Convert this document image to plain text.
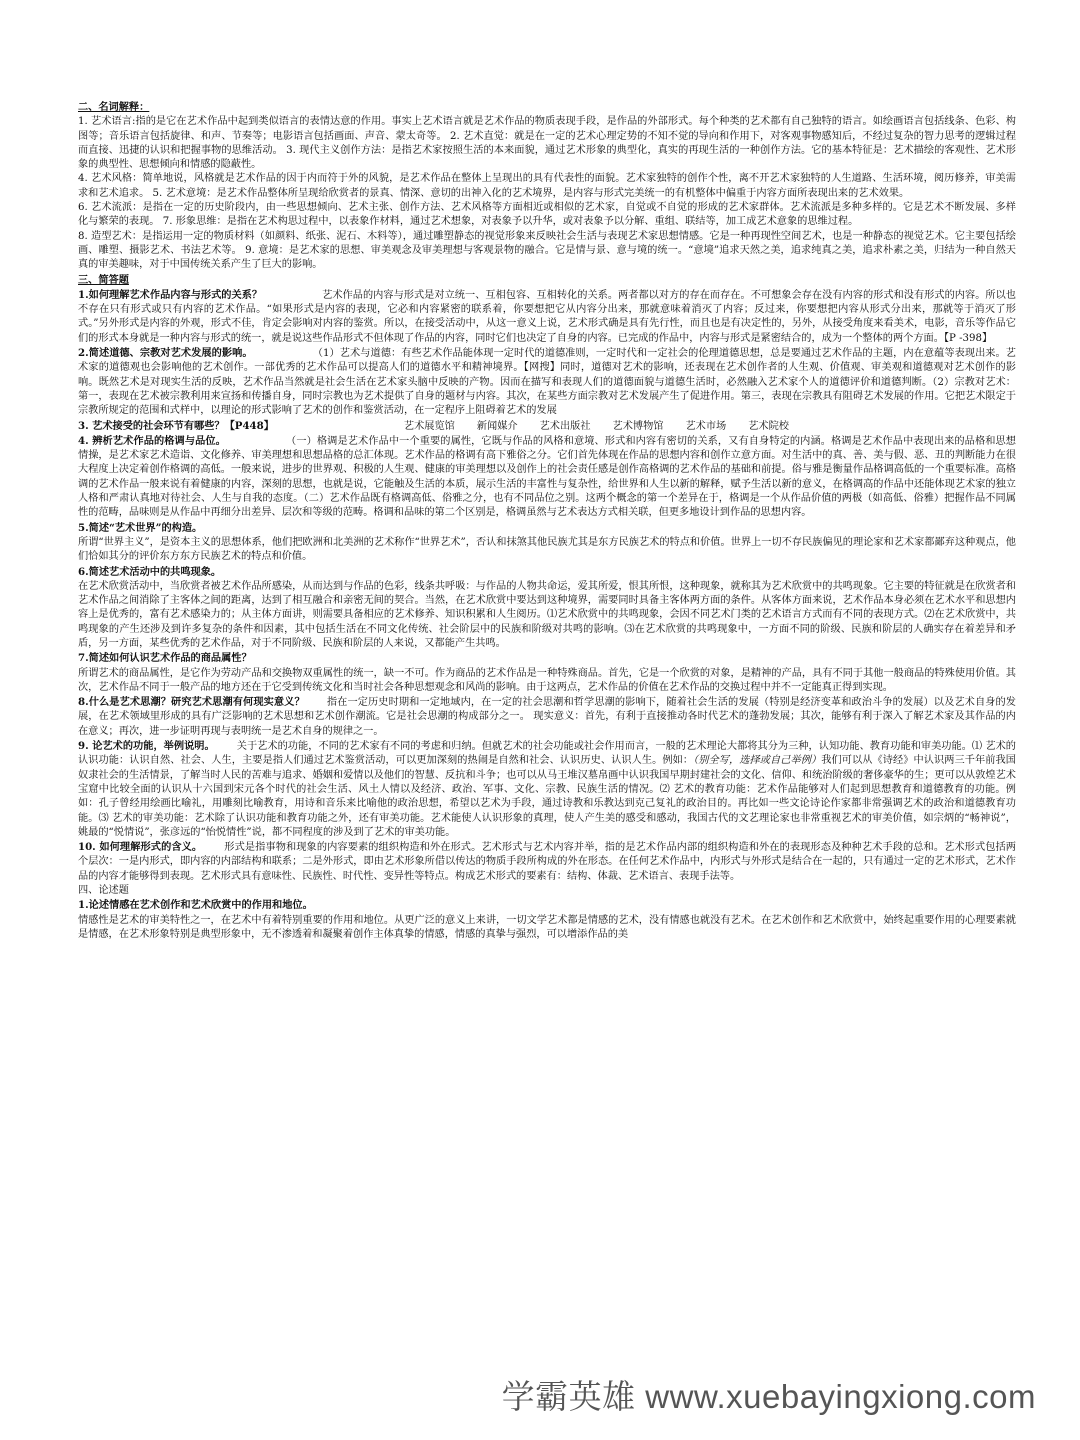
二、名词解释：

1. 艺术语言:指的是它在艺术作品中起到类似语言的表情达意的作用。事实上艺术语言就是艺术作品的物质表现手段，是作品的外部形式。每个种类的艺术都有自己独特的语言。如绘画语言包括线条、色彩、构图等；音乐语言包括旋律、和声、节奏等；电影语言包括画面、声音、蒙太奇等。 2. 艺术直觉：就是在一定的艺术心理定势的不知不觉的导向和作用下，对客观事物感知后，不经过复杂的智力思考的逻辑过程而直接、迅捷的认识和把握事物的思维活动。 3. 现代主义创作方法：是指艺术家按照生活的本来面貌，通过艺术形象的典型化，真实的再现生活的一种创作方法。它的基本特征是：艺术描绘的客观性、艺术形象的典型性、思想倾向和情感的隐蔽性。

4. 艺术风格：简单地说，风格就是艺术作品的因于内而符于外的风貌，是艺术作品在整体上呈现出的具有代表性的面貌。艺术家独特的创作个性，离不开艺术家独特的人生道路、生活环境，阅历修养，审美需求和艺术追求。 5. 艺术意境：是艺术作品整体所呈现给欣赏者的景真、情深、意切的出神入化的艺术境界，是内容与形式完美统一的有机整体中偏重于内容方面所表现出来的艺术效果。

6. 艺术流派：是指在一定的历史阶段内，由一些思想倾向、艺术主张、创作方法、艺术风格等方面相近或相似的艺术家，自觉或不自觉的形成的艺术家群体。艺术流派是多种多样的。它是艺术不断发展、多样化与繁荣的表现。 7. 形象思维：是指在艺术构思过程中，以表象作材料，通过艺术想象，对表象予以升华，或对表象予以分解、重组、联结等，加工成艺术意象的思维过程。

8. 造型艺术：是指运用一定的物质材料（如颜料、纸张、泥石、木料等），通过雕塑静态的视觉形象来反映社会生活与表现艺术家思想情感。它是一种再现性空间艺术，也是一种静态的视觉艺术。它主要包括绘画、雕塑、摄影艺术、书法艺术等。 9. 意境：是艺术家的思想、审美观念及审美理想与客观景物的融合。它是情与景、意与境的统一。“意境”追求天然之美，追求纯真之美，追求朴素之美，归结为一种自然天真的审美趣味，对于中国传统关系产生了巨大的影响。

三、简答题

1.如何理解艺术作品内容与形式的关系？	艺术作品的内容与形式是对立统一、互相包容、互相转化的关系。两者都以对方的存在而存在。不可想象会存在没有内容的形式和没有形式的内容。所以也不存在只有形式或只有内容的艺术作品。“如果形式是内容的表现，它必和内容紧密的联系着，你要想把它从内容分出来，那就意味着消灭了内容；反过来，你要想把内容从形式分出来，那就等于消灭了形式。”另外形式是内容的外观，形式不佳，肯定会影响对内容的鉴赏。所以，在接受活动中，从这一意义上说，艺术形式确是具有先行性，而且也是有决定性的，另外，从接受角度来看美术，电影，音乐等作品它们的形式本身就是一种内容与形式的统一，就是说这些作品形式不但体现了作品的内容，同时它们也决定了自身的内容。已完成的作品中，内容与形式是紧密结合的，成为一个整体的两个方面。【P -398】

2.简述道德、宗教对艺术发展的影响。	（1）艺术与道德：有些艺术作品能体现一定时代的道德准则，一定时代和一定社会的伦理道德思想，总是要通过艺术作品的主题，内在意蕴等表现出来。艺术家的道德观也会影响他的艺术创作。一部优秀的艺术作品可以提高人们的道德水平和精神境界。【网搜】同时，道德对艺术的影响，还表现在艺术创作者的人生观、价值观、审美观和道德观对艺术创作的影响。既然艺术是对现实生活的反映，艺术作品当然就是社会生活在艺术家头脑中反映的产物。因而在描写和表现人们的道德面貌与道德生活时，必然融入艺术家个人的道德评价和道德判断。（2）宗教对艺术：第一，表现在艺术被宗教利用来宣扬和传播自身，同时宗教也为艺术提供了自身的题材与内容。其次，在某些方面宗教对艺术发展产生了促进作用。第三，表现在宗教具有阻碍艺术发展的作用。它把艺术限定于宗教所规定的范围和式样中，以理论的形式影响了艺术的创作和鉴赏活动，在一定程序上阻碍着艺术的发展

3. 艺术接受的社会环节有哪些？【P448】	艺术展览馆 新闻媒介 艺术出版社 艺术博物馆 艺术市场 艺术院校

4. 辨析艺术作品的格调与品位。	（一）格调是艺术作品中一个重要的属性，它既与作品的风格和意境、形式和内容有密切的关系，又有自身特定的内涵。格调是艺术作品中表现出来的品格和思想情操，是艺术家艺术造诣、文化修养、审美理想和思想品格的总汇体现。艺术作品的格调有高下雅俗之分。它们首先体现在作品的思想内容和创作立意方面。对生活中的真、善、美与假、恶、丑的判断能力在很大程度上决定着创作格调的高低。一般来说，进步的世界观、积极的人生观、健康的审美理想以及创作上的社会责任感是创作高格调的艺术作品的基础和前提。俗与雅是衡量作品格调高低的一个重要标准。高格调的艺术作品一般来说有着健康的内容，深刻的思想，也就是说，它能触及生活的本质，展示生活的丰富性与复杂性，给世界和人生以新的解释，赋予生活以新的意义，在格调高的作品中还能体现艺术家的独立人格和严肃认真地对待社会、人生与自我的态度。（二）艺术作品既有格调高低、俗雅之分，也有不同品位之别。这两个概念的第一个差异在于，格调是一个从作品价值的两极（如高低、俗雅）把握作品不同属性的范畴，品味则是从作品中再细分出差异、层次和等级的范畴。格调和品味的第二个区别是，格调虽然与艺术表达方式相关联，但更多地设计到作品的思想内容。

5.简述“艺术世界”的构造。

所谓“世界主义”，是资本主义的思想体系，他们把欧洲和北美洲的艺术称作“世界艺术”，否认和抹煞其他民族尤其是东方民族艺术的特点和价值。世界上一切不存民族偏见的理论家和艺术家都鄙弃这种观点，他们恰如其分的评价东方东方民族艺术的特点和价值。

6.简述艺术活动中的共鸣现象。

在艺术欣赏活动中，当欣赏者被艺术作品所感染，从而达到与作品的色彩，线条共呼吸：与作品的人物共命运，爱其所爱，恨其所恨，这种现象，就称其为艺术欣赏中的共鸣现象。它主要的特征就是在欣赏者和艺术作品之间消除了主客体之间的距离，达到了相互融合和亲密无间的契合。当然，在艺术欣赏中要达到这种境界，需要同时具备主客体两方面的条件。从客体方面来说，艺术作品本身必须在艺术水平和思想内容上是优秀的，富有艺术感染力的；从主体方面讲，则需要具备相应的艺术修养、知识积累和人生阅历。⑴艺术欣赏中的共鸣现象，会因不同艺术门类的艺术语言方式而有不同的表现方式。⑵在艺术欣赏中，共鸣现象的产生还涉及到许多复杂的条件和因素，其中包括生活在不同文化传统、社会阶层中的民族和阶级对共鸣的影响。⑶在艺术欣赏的共鸣现象中，一方面不同的阶级、民族和阶层的人确实存在着差异和矛盾，另一方面，某些优秀的艺术作品，对于不同阶级、民族和阶层的人来说，又都能产生共鸣。

7.简述如何认识艺术作品的商品属性？

所谓艺术的商品属性，是它作为劳动产品和交换物双重属性的统一，缺一不可。作为商品的艺术作品是一种特殊商品。首先，它是一个欣赏的对象，是精神的产品，具有不同于其他一般商品的特殊使用价值。其次，艺术作品不同于一般产品的地方还在于它受到传统文化和当时社会各种思想观念和风尚的影响。由于这两点，艺术作品的价值在艺术作品的交换过程中并不一定能真正得到实现。

8.什么是艺术思潮？研究艺术思潮有何现实意义？ 指在一定历史时期和一定地域内，在一定的社会思潮和哲学思潮的影响下，随着社会生活的发展（特别是经济变革和政治斗争的发展）以及艺术自身的发展，在艺术领域里形成的具有广泛影响的艺术思想和艺术创作潮流。它是社会思潮的构成部分之一。 现实意义：首先，有利于直接推动各时代艺术的蓬勃发展；其次，能够有利于深入了解艺术家及其作品的内在意义；再次，进一步证明再现与表明统一是艺术自身的规律之一。

9. 论艺术的功能，举例说明。 关于艺术的功能，不同的艺术家有不同的考虑和归纳。但就艺术的社会功能或社会作用而言，一般的艺术理论大都将其分为三种，认知功能、教育功能和审美功能。⑴ 艺术的认识功能：认识自然、社会、人生，主要是指人们通过艺术鉴赏活动，可以更加深刻的热闹是自然和社会、认识历史、认识人生。例如：（别全写，选择或自己举例）我们可以从《诗经》中认识两三千年前我国奴隶社会的生活情景，了解当时人民的苦难与追求、婚姻和爱情以及他们的智慧、反抗和斗争；也可以从马王堆汉墓帛画中认识我国早期封建社会的文化、信仰、和统治阶级的奢侈豪华的生；更可以从敦煌艺术宝窟中比较全面的认识从十六国到宋元各个时代的社会生活、风土人情以及经济、政治、军事、文化、宗教、民族生活的情况。⑵ 艺术的教育功能：艺术作品能够对人们起到思想教育和道德教育的功能。例如：孔子曾经用绘画比喻礼，用雕刻比喻教育，用诗和音乐来比喻他的政治思想，希望以艺术为手段，通过诗教和乐教达到克己复礼的政治目的。再比如一些文论诗论作家都非常强调艺术的政治和道德教育功能。⑶ 艺术的审美功能：艺术除了认识功能和教育功能之外，还有审美功能。艺术能使人认识形象的真理，使人产生美的感受和感动，我国古代的文艺理论家也非常重视艺术的审美价值，如宗炳的“畅神说”，姚最的“悦情说”，张彦远的“怡悦情性”说，都不同程度的涉及到了艺术的审美功能。

10. 如何理解形式的含义。 形式是指事物和现象的内容要素的组织构造和外在形式。艺术形式与艺术内容并举，指的是艺术作品内部的组织构造和外在的表现形态及种种艺术手段的总和。艺术形式包括两个层次：一是内形式，即内容的内部结构和联系；二是外形式，即由艺术形象所借以传达的物质手段所构成的外在形态。在任何艺术作品中，内形式与外形式是结合在一起的，只有通过一定的艺术形式，艺术作品的内容才能够得到表现。艺术形式具有意味性、民族性、时代性、变异性等特点。构成艺术形式的要素有：结构、体裁、艺术语言、表现手法等。

四、论述题

1.论述情感在艺术创作和艺术欣赏中的作用和地位。

情感性是艺术的审美特性之一，在艺术中有着特别重要的作用和地位。从更广泛的意义上来讲，一切文学艺术都是情感的艺术，没有情感也就没有艺术。在艺术创作和艺术欣赏中，始终起重要作用的心理要素就是情感，在艺术形象特别是典型形象中，无不渗透着和凝聚着创作主体真挚的情感，情感的真挚与强烈，可以增添作品的美

学霸英雄 www.xuebayingxiong.com
